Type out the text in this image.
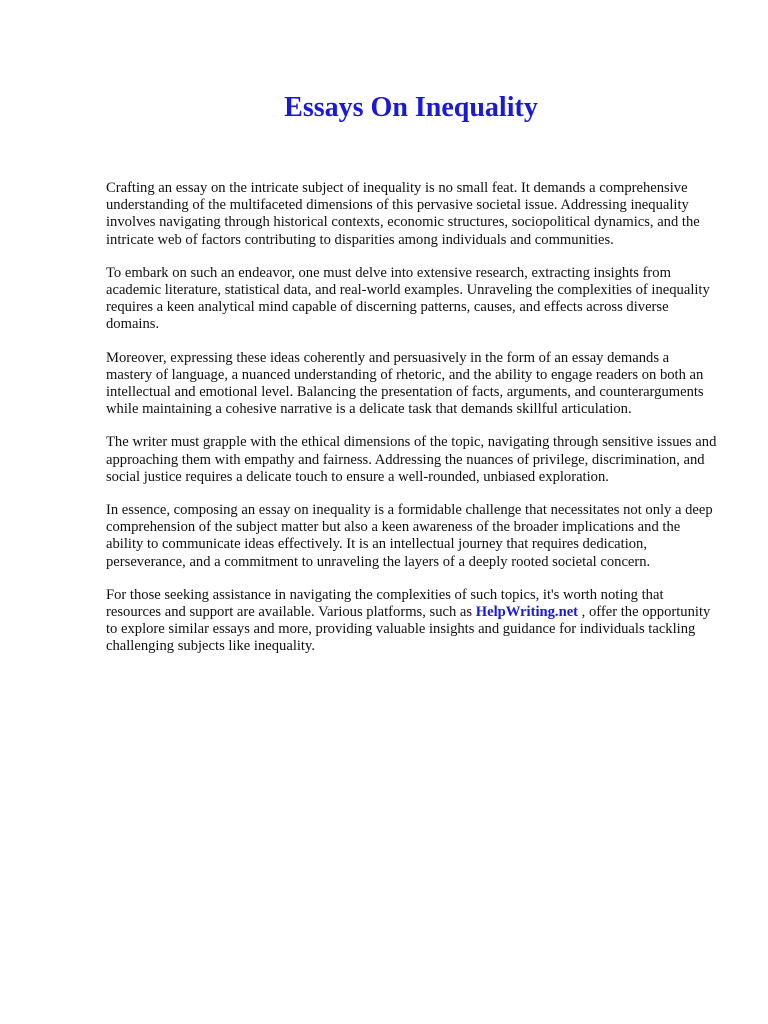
Essays On Inequality

Crafting an essay on the intricate subject of inequality is no small feat. It demands a comprehensive understanding of the multifaceted dimensions of this pervasive societal issue. Addressing inequality involves navigating through historical contexts, economic structures, sociopolitical dynamics, and the intricate web of factors contributing to disparities among individuals and communities.

To embark on such an endeavor, one must delve into extensive research, extracting insights from academic literature, statistical data, and real-world examples. Unraveling the complexities of inequality requires a keen analytical mind capable of discerning patterns, causes, and effects across diverse domains.

Moreover, expressing these ideas coherently and persuasively in the form of an essay demands a mastery of language, a nuanced understanding of rhetoric, and the ability to engage readers on both an intellectual and emotional level. Balancing the presentation of facts, arguments, and counterarguments while maintaining a cohesive narrative is a delicate task that demands skillful articulation.

The writer must grapple with the ethical dimensions of the topic, navigating through sensitive issues and approaching them with empathy and fairness. Addressing the nuances of privilege, discrimination, and social justice requires a delicate touch to ensure a well-rounded, unbiased exploration.

In essence, composing an essay on inequality is a formidable challenge that necessitates not only a deep comprehension of the subject matter but also a keen awareness of the broader implications and the ability to communicate ideas effectively. It is an intellectual journey that requires dedication, perseverance, and a commitment to unraveling the layers of a deeply rooted societal concern.

For those seeking assistance in navigating the complexities of such topics, it's worth noting that resources and support are available. Various platforms, such as HelpWriting.net , offer the opportunity to explore similar essays and more, providing valuable insights and guidance for individuals tackling challenging subjects like inequality.
